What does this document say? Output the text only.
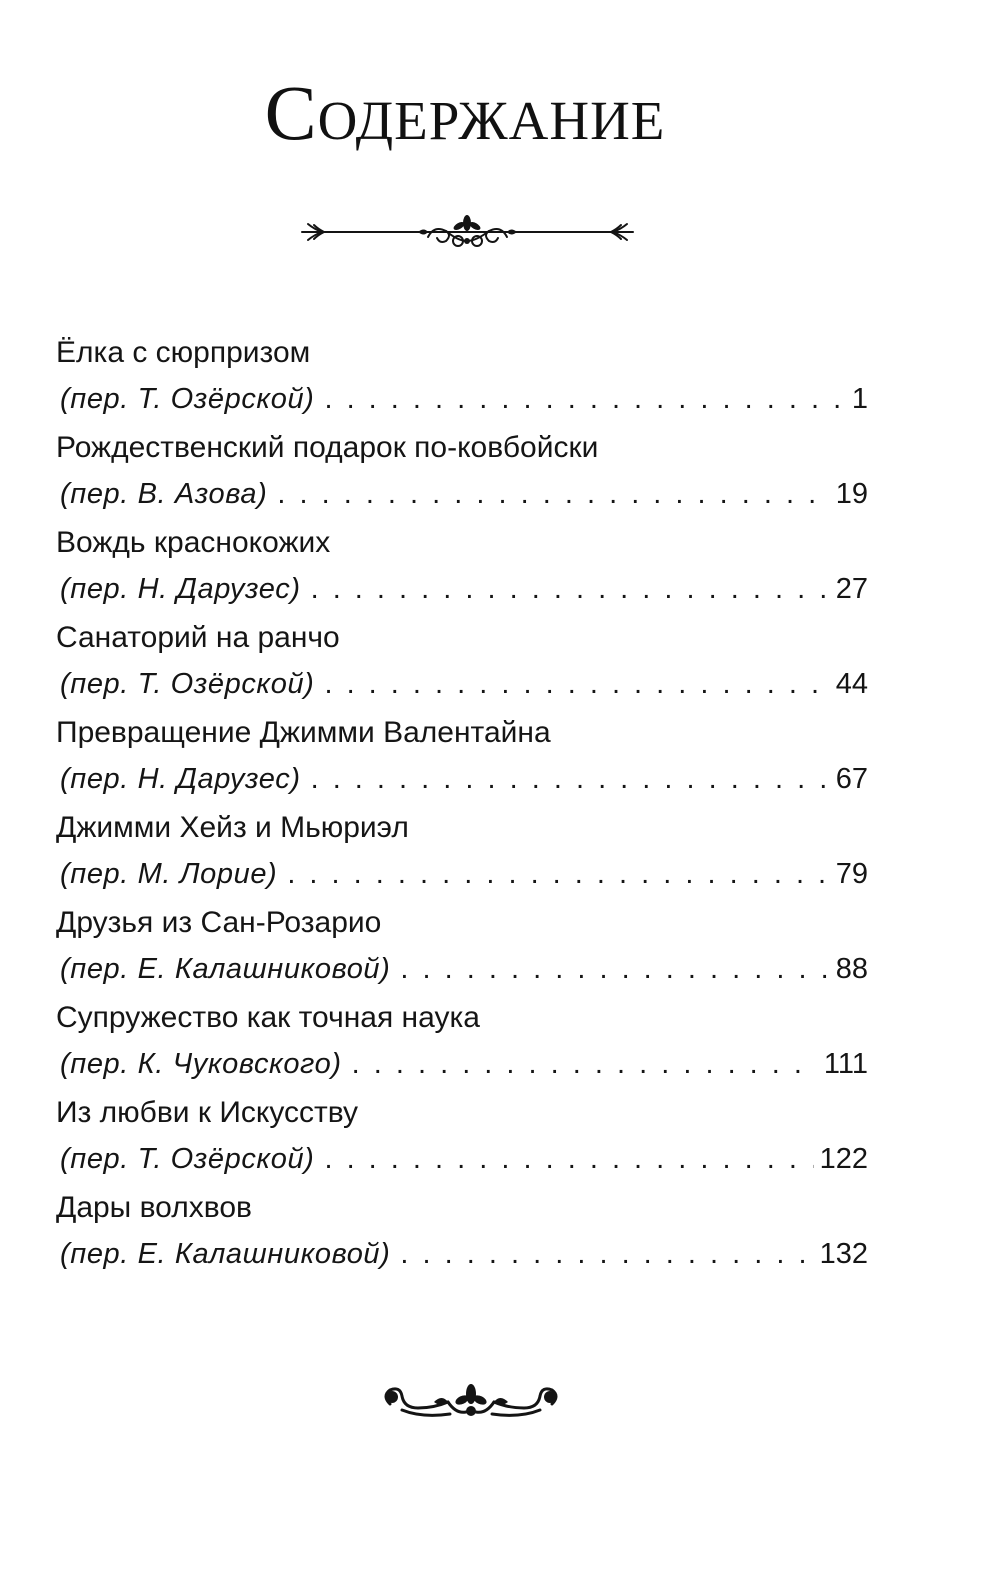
Содержание
Ёлка с сюрпризом
(пер. Т. Озёрской) . . .	1
Рождественский подарок по-ковбойски
(пер. В. Азова) . . .	19
Вождь краснокожих
(пер. Н. Дарузес) . . .	27
Санаторий на ранчо
(пер. Т. Озёрской) . . .	44
Превращение Джимми Валентайна
(пер. Н. Дарузес) . . .	67
Джимми Хейз и Мьюриэл
(пер. М. Лорие) . . .	79
Друзья из Сан-Розарио
(пер. Е. Калашниковой) . . .	88
Супружество как точная наука
(пер. К. Чуковского) . . .	111
Из любви к Искусству
(пер. Т. Озёрской) . . .	122
Дары волхвов
(пер. Е. Калашниковой) . . .	132
